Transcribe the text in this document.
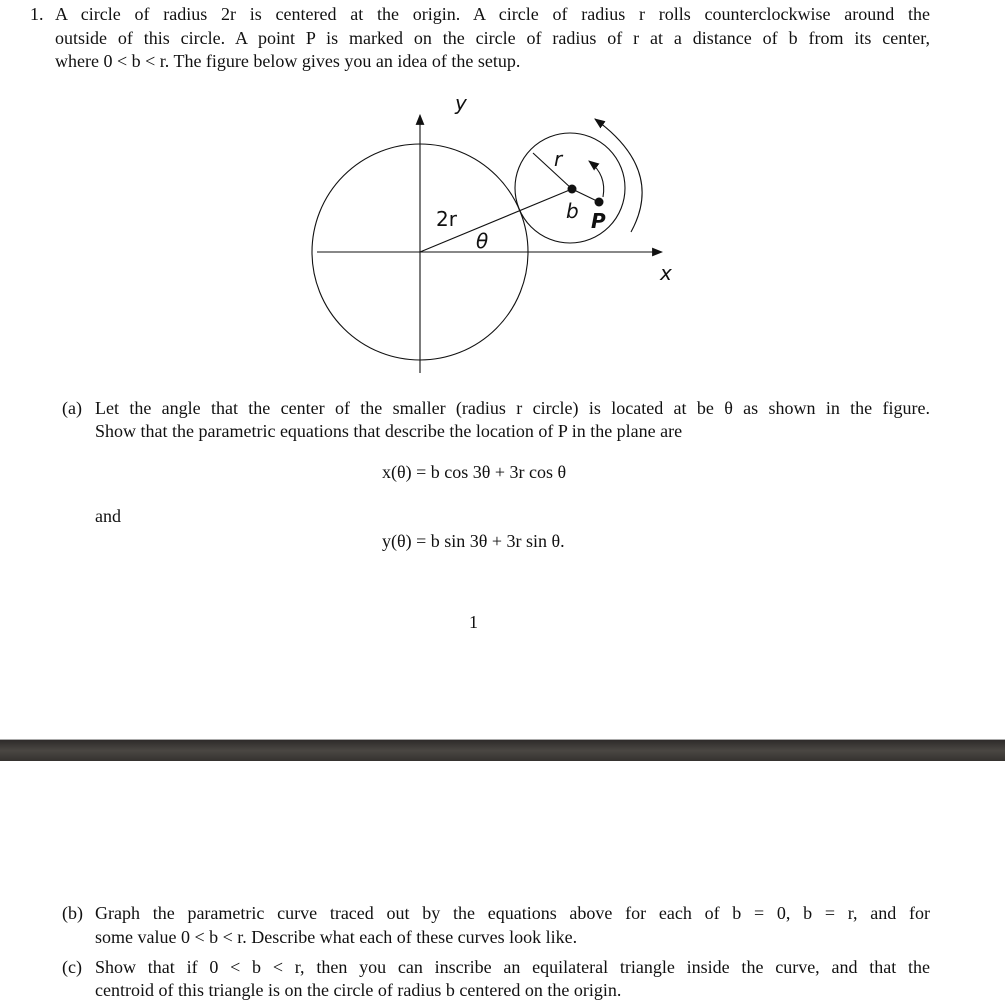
1. A circle of radius 2r is centered at the origin. A circle of radius r rolls counterclockwise around the
outside of this circle. A point P is marked on the circle of radius of r at a distance of b from its center,
where 0 < b < r. The figure below gives you an idea of the setup.
y
x
2r
θ
r
b P
(a) Let the angle that the center of the smaller (radius r circle) is located at be θ as shown in the figure.
Show that the parametric equations that describe the location of P in the plane are
x(θ) = b cos 3θ + 3r cos θ
and
y(θ) = b sin 3θ + 3r sin θ.
1
(b) Graph the parametric curve traced out by the equations above for each of b = 0, b = r, and for
some value 0 < b < r. Describe what each of these curves look like.
(c) Show that if 0 < b < r, then you can inscribe an equilateral triangle inside the curve, and that the
centroid of this triangle is on the circle of radius b centered on the origin.
